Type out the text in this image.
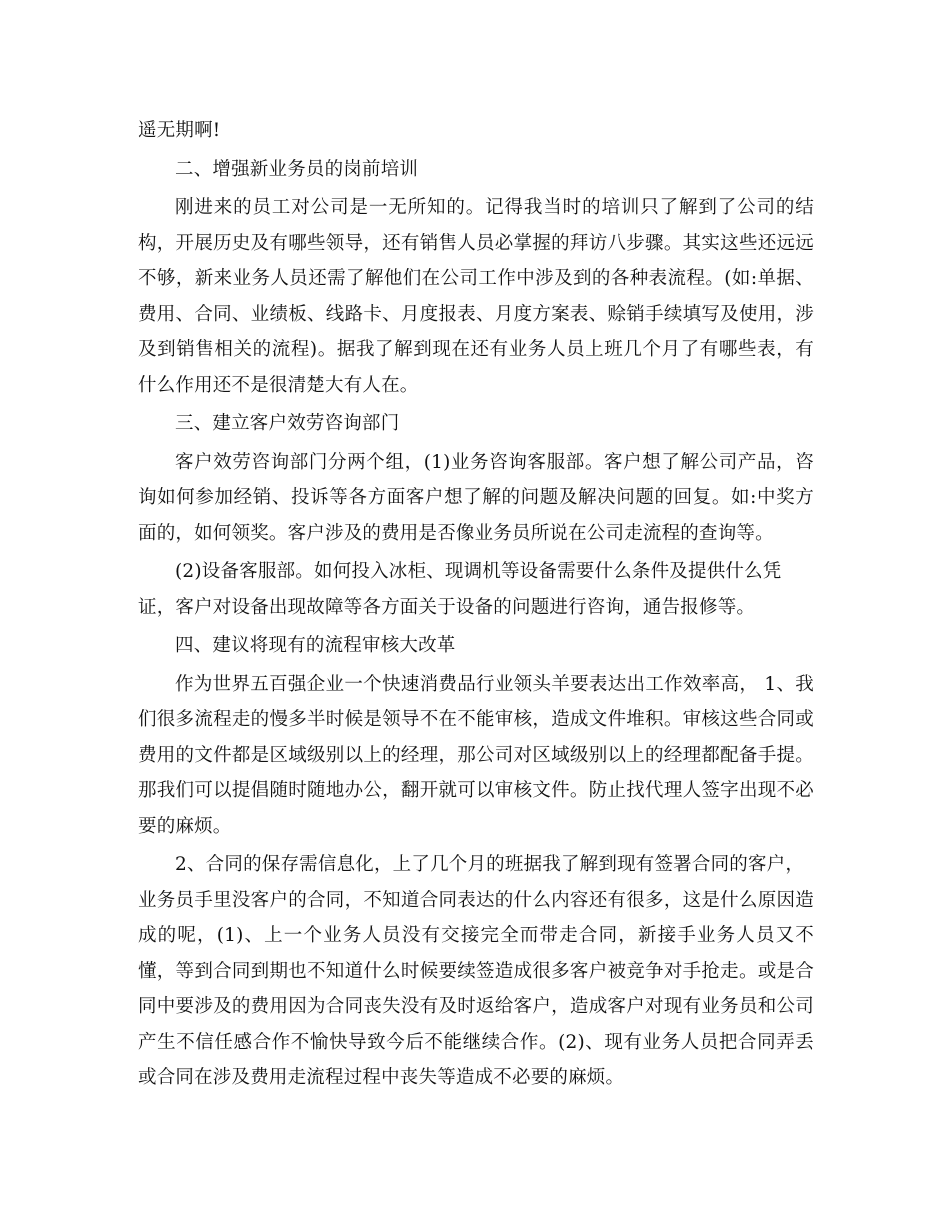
遥无期啊!
二、增强新业务员的岗前培训
刚进来的员工对公司是一无所知的。记得我当时的培训只了解到了公司的结
构，开展历史及有哪些领导，还有销售人员必掌握的拜访八步骤。其实这些还远远
不够，新来业务人员还需了解他们在公司工作中涉及到的各种表流程。(如:单据、
费用、合同、业绩板、线路卡、月度报表、月度方案表、赊销手续填写及使用，涉
及到销售相关的流程)。据我了解到现在还有业务人员上班几个月了有哪些表，有
什么作用还不是很清楚大有人在。
三、建立客户效劳咨询部门
客户效劳咨询部门分两个组，(1)业务咨询客服部。客户想了解公司产品，咨
询如何参加经销、投诉等各方面客户想了解的问题及解决问题的回复。如:中奖方
面的，如何领奖。客户涉及的费用是否像业务员所说在公司走流程的查询等。
(2)设备客服部。如何投入冰柜、现调机等设备需要什么条件及提供什么凭
证，客户对设备出现故障等各方面关于设备的问题进行咨询，通告报修等。
四、建议将现有的流程审核大改革
作为世界五百强企业一个快速消费品行业领头羊要表达出工作效率高， 1、我
们很多流程走的慢多半时候是领导不在不能审核，造成文件堆积。审核这些合同或
费用的文件都是区域级别以上的经理，那公司对区域级别以上的经理都配备手提。
那我们可以提倡随时随地办公，翻开就可以审核文件。防止找代理人签字出现不必
要的麻烦。
2、合同的保存需信息化，上了几个月的班据我了解到现有签署合同的客户，
业务员手里没客户的合同，不知道合同表达的什么内容还有很多，这是什么原因造
成的呢，(1)、上一个业务人员没有交接完全而带走合同，新接手业务人员又不
懂，等到合同到期也不知道什么时候要续签造成很多客户被竞争对手抢走。或是合
同中要涉及的费用因为合同丧失没有及时返给客户，造成客户对现有业务员和公司
产生不信任感合作不愉快导致今后不能继续合作。(2)、现有业务人员把合同弄丢
或合同在涉及费用走流程过程中丧失等造成不必要的麻烦。
